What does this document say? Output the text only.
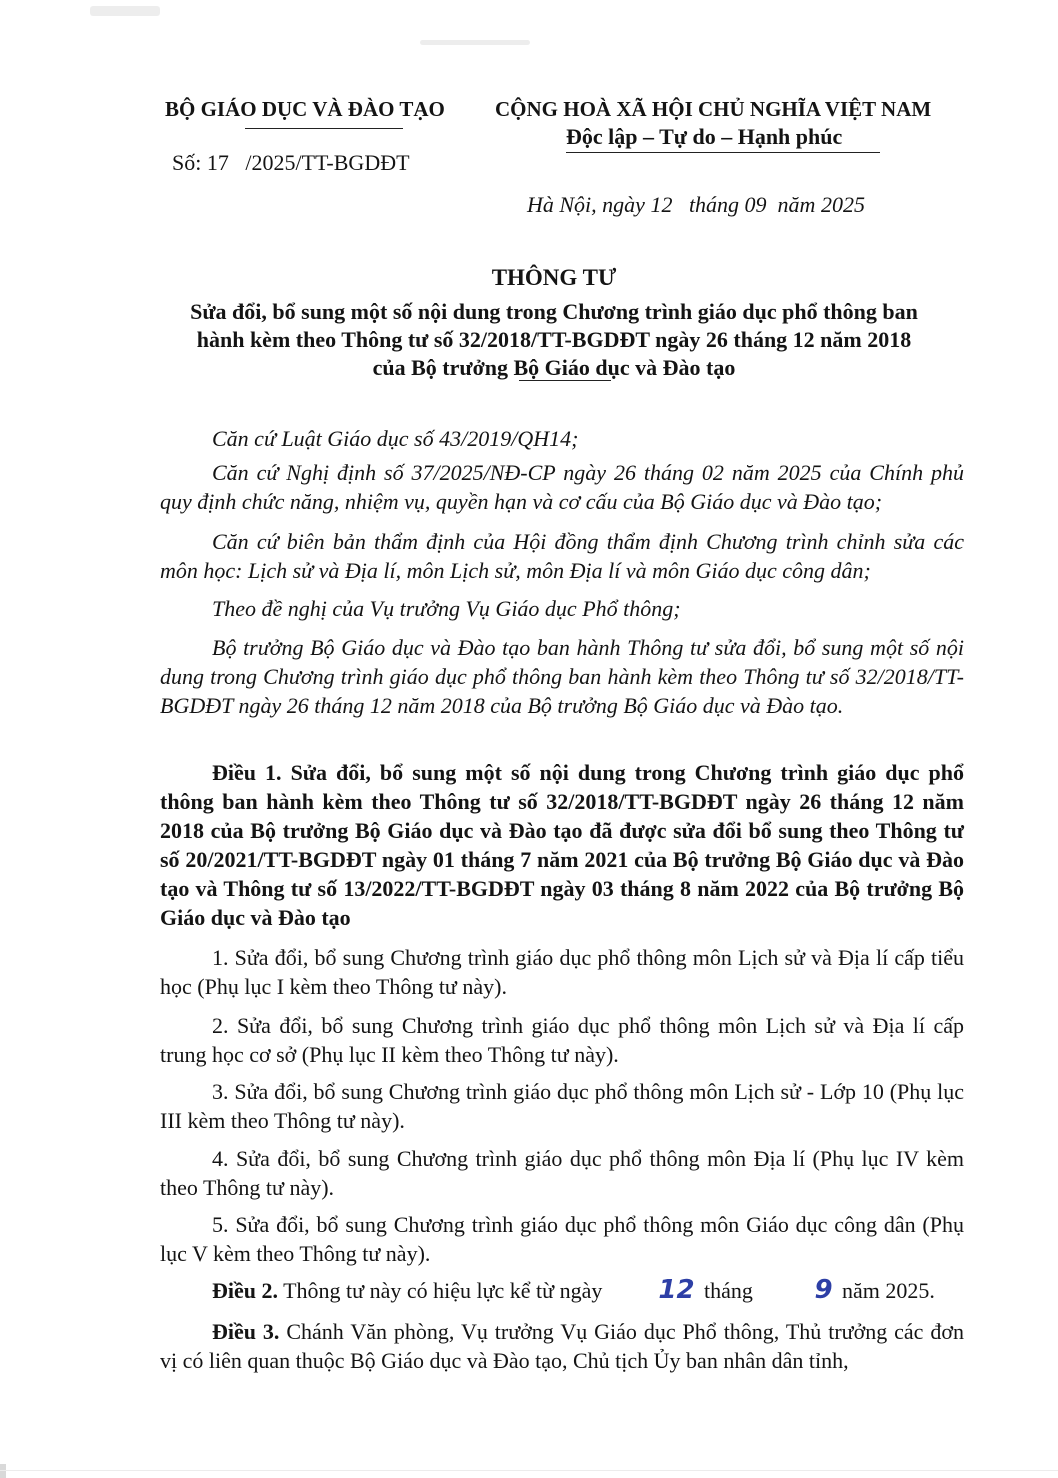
BỘ GIÁO DỤC VÀ ĐÀO TẠO
Số: 17   /2025/TT-BGDĐT
CỘNG HOÀ XÃ HỘI CHỦ NGHĨA VIỆT NAM
Độc lập – Tự do – Hạnh phúc
Hà Nội, ngày 12   tháng 09  năm 2025
THÔNG TƯ
Sửa đổi, bổ sung một số nội dung trong Chương trình giáo dục phổ thông ban
hành kèm theo Thông tư số 32/2018/TT-BGDĐT ngày 26 tháng 12 năm 2018
của Bộ trưởng Bộ Giáo dục và Đào tạo

Căn cứ Luật Giáo dục số 43/2019/QH14;

Căn cứ Nghị định số 37/2025/NĐ-CP ngày 26 tháng 02 năm 2025 của Chính phủ quy định chức năng, nhiệm vụ, quyền hạn và cơ cấu của Bộ Giáo dục và Đào tạo;

Căn cứ biên bản thẩm định của Hội đồng thẩm định Chương trình chỉnh sửa các môn học: Lịch sử và Địa lí, môn Lịch sử, môn Địa lí và môn Giáo dục công dân;

Theo đề nghị của Vụ trưởng Vụ Giáo dục Phổ thông;

Bộ trưởng Bộ Giáo dục và Đào tạo ban hành Thông tư sửa đổi, bổ sung một số nội dung trong Chương trình giáo dục phổ thông ban hành kèm theo Thông tư số 32/2018/TT-BGDĐT ngày 26 tháng 12 năm 2018 của Bộ trưởng Bộ Giáo dục và Đào tạo.

Điều 1. Sửa đổi, bổ sung một số nội dung trong Chương trình giáo dục phổ thông ban hành kèm theo Thông tư số 32/2018/TT-BGDĐT ngày 26 tháng 12 năm 2018 của Bộ trưởng Bộ Giáo dục và Đào tạo đã được sửa đổi bổ sung theo Thông tư số 20/2021/TT-BGDĐT ngày 01 tháng 7 năm 2021 của Bộ trưởng Bộ Giáo dục và Đào tạo và Thông tư số 13/2022/TT-BGDĐT ngày 03 tháng 8 năm 2022 của Bộ trưởng Bộ Giáo dục và Đào tạo

1. Sửa đổi, bổ sung Chương trình giáo dục phổ thông môn Lịch sử và Địa lí cấp tiểu học (Phụ lục I kèm theo Thông tư này).

2. Sửa đổi, bổ sung Chương trình giáo dục phổ thông môn Lịch sử và Địa lí cấp trung học cơ sở (Phụ lục II kèm theo Thông tư này).

3. Sửa đổi, bổ sung Chương trình giáo dục phổ thông môn Lịch sử - Lớp 10 (Phụ lục III kèm theo Thông tư này).

4. Sửa đổi, bổ sung Chương trình giáo dục phổ thông môn Địa lí (Phụ lục IV kèm theo Thông tư này).

5. Sửa đổi, bổ sung Chương trình giáo dục phổ thông môn Giáo dục công dân (Phụ lục V kèm theo Thông tư này).

Điều 2. Thông tư này có hiệu lực kể từ ngày 12 tháng 9 năm 2025.

Điều 3. Chánh Văn phòng, Vụ trưởng Vụ Giáo dục Phổ thông, Thủ trưởng các đơn vị có liên quan thuộc Bộ Giáo dục và Đào tạo, Chủ tịch Ủy ban nhân dân tỉnh,
